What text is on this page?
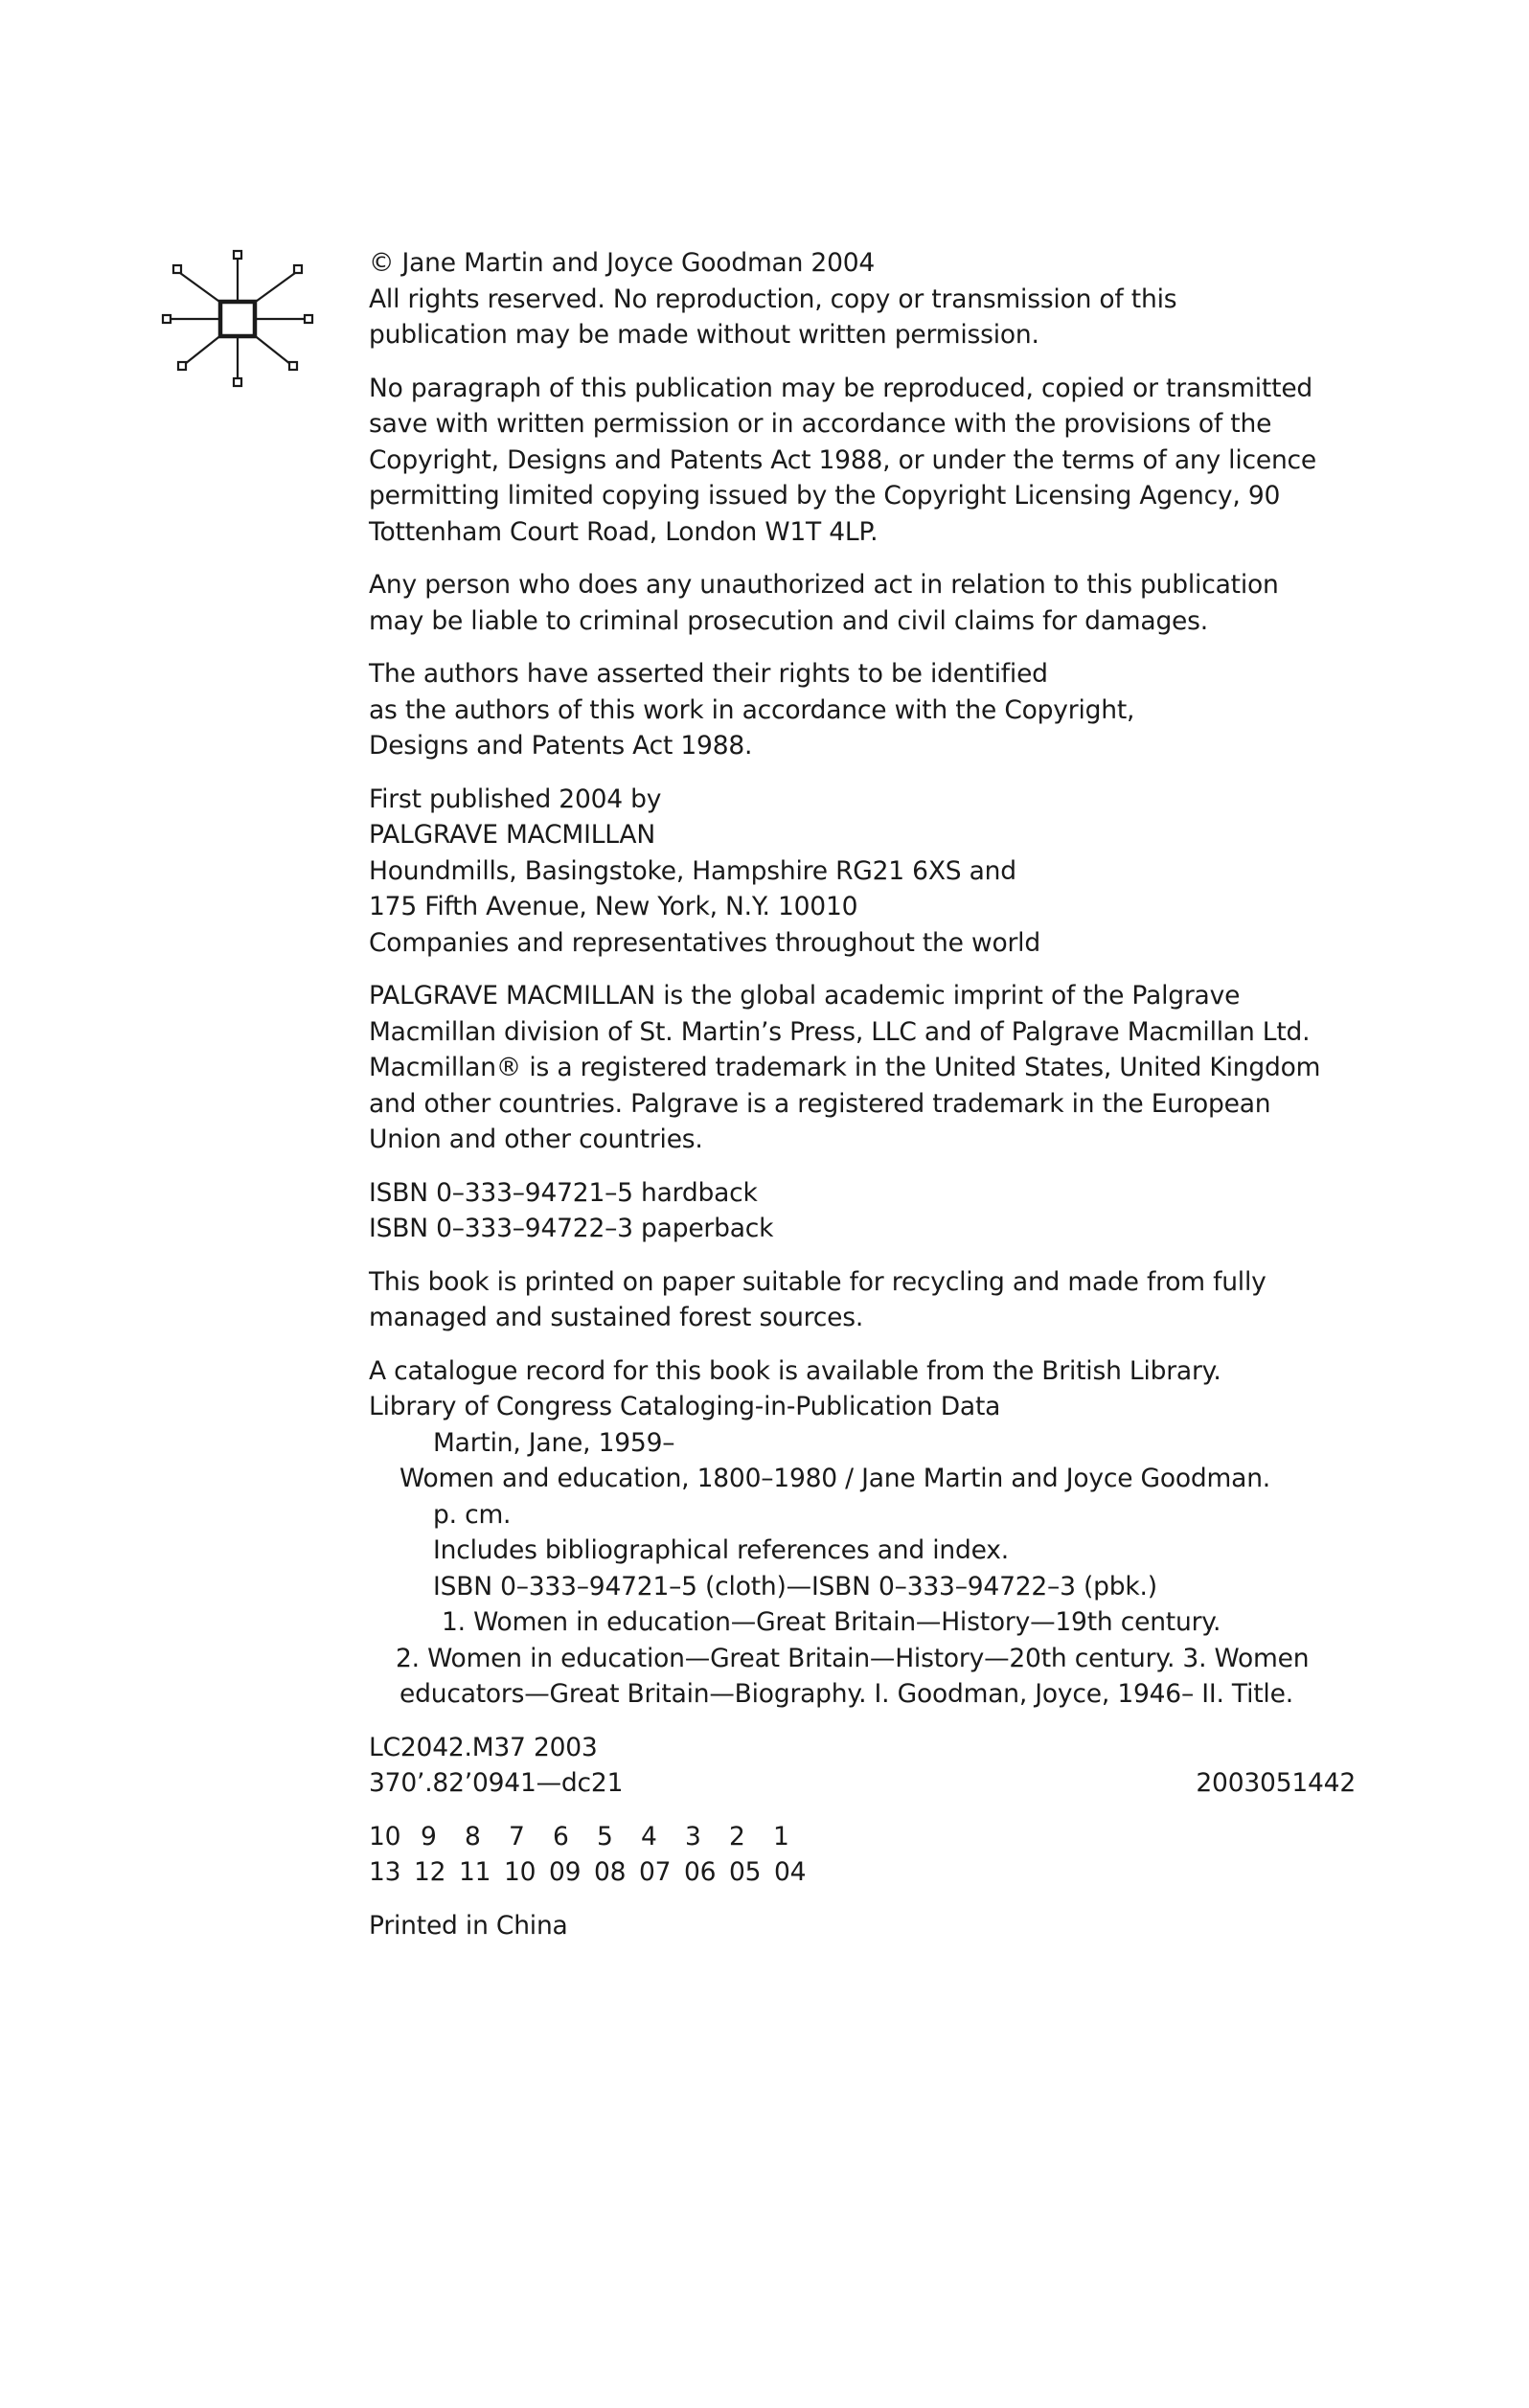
© Jane Martin and Joyce Goodman 2004

All rights reserved. No reproduction, copy or transmission of this
publication may be made without written permission.
No paragraph of this publication may be reproduced, copied or transmitted
save with written permission or in accordance with the provisions of the
Copyright, Designs and Patents Act 1988, or under the terms of any licence
permitting limited copying issued by the Copyright Licensing Agency, 90
Tottenham Court Road, London W1T 4LP.
Any person who does any unauthorized act in relation to this publication
may be liable to criminal prosecution and civil claims for damages.
The authors have asserted their rights to be identified
as the authors of this work in accordance with the Copyright,
Designs and Patents Act 1988.
First published 2004 by
PALGRAVE MACMILLAN
Houndmills, Basingstoke, Hampshire RG21 6XS and
175 Fifth Avenue, New York, N.Y. 10010
Companies and representatives throughout the world
PALGRAVE MACMILLAN is the global academic imprint of the Palgrave
Macmillan division of St. Martin’s Press, LLC and of Palgrave Macmillan Ltd.
Macmillan® is a registered trademark in the United States, United Kingdom
and other countries. Palgrave is a registered trademark in the European
Union and other countries.
ISBN 0–333–94721–5 hardback
ISBN 0–333–94722–3 paperback
This book is printed on paper suitable for recycling and made from fully
managed and sustained forest sources.

A catalogue record for this book is available from the British Library.

Library of Congress Cataloging-in-Publication Data
Martin, Jane, 1959–
Women and education, 1800–1980 / Jane Martin and Joyce Goodman.
p. cm.
Includes bibliographical references and index.
ISBN 0–333–94721–5 (cloth)—ISBN 0–333–94722–3 (pbk.)
1. Women in education—Great Britain—History—19th century.
2. Women in education—Great Britain—History—20th century. 3. Women
educators—Great Britain—Biography. I. Goodman, Joyce, 1946– II. Title.
LC2042.M37 2003
370’.82’0941—dc21	2003051442
10 9	8	7	6	5	4	3	2	1
13 12 11 10 09 08 07 06 05 04

Printed in China
